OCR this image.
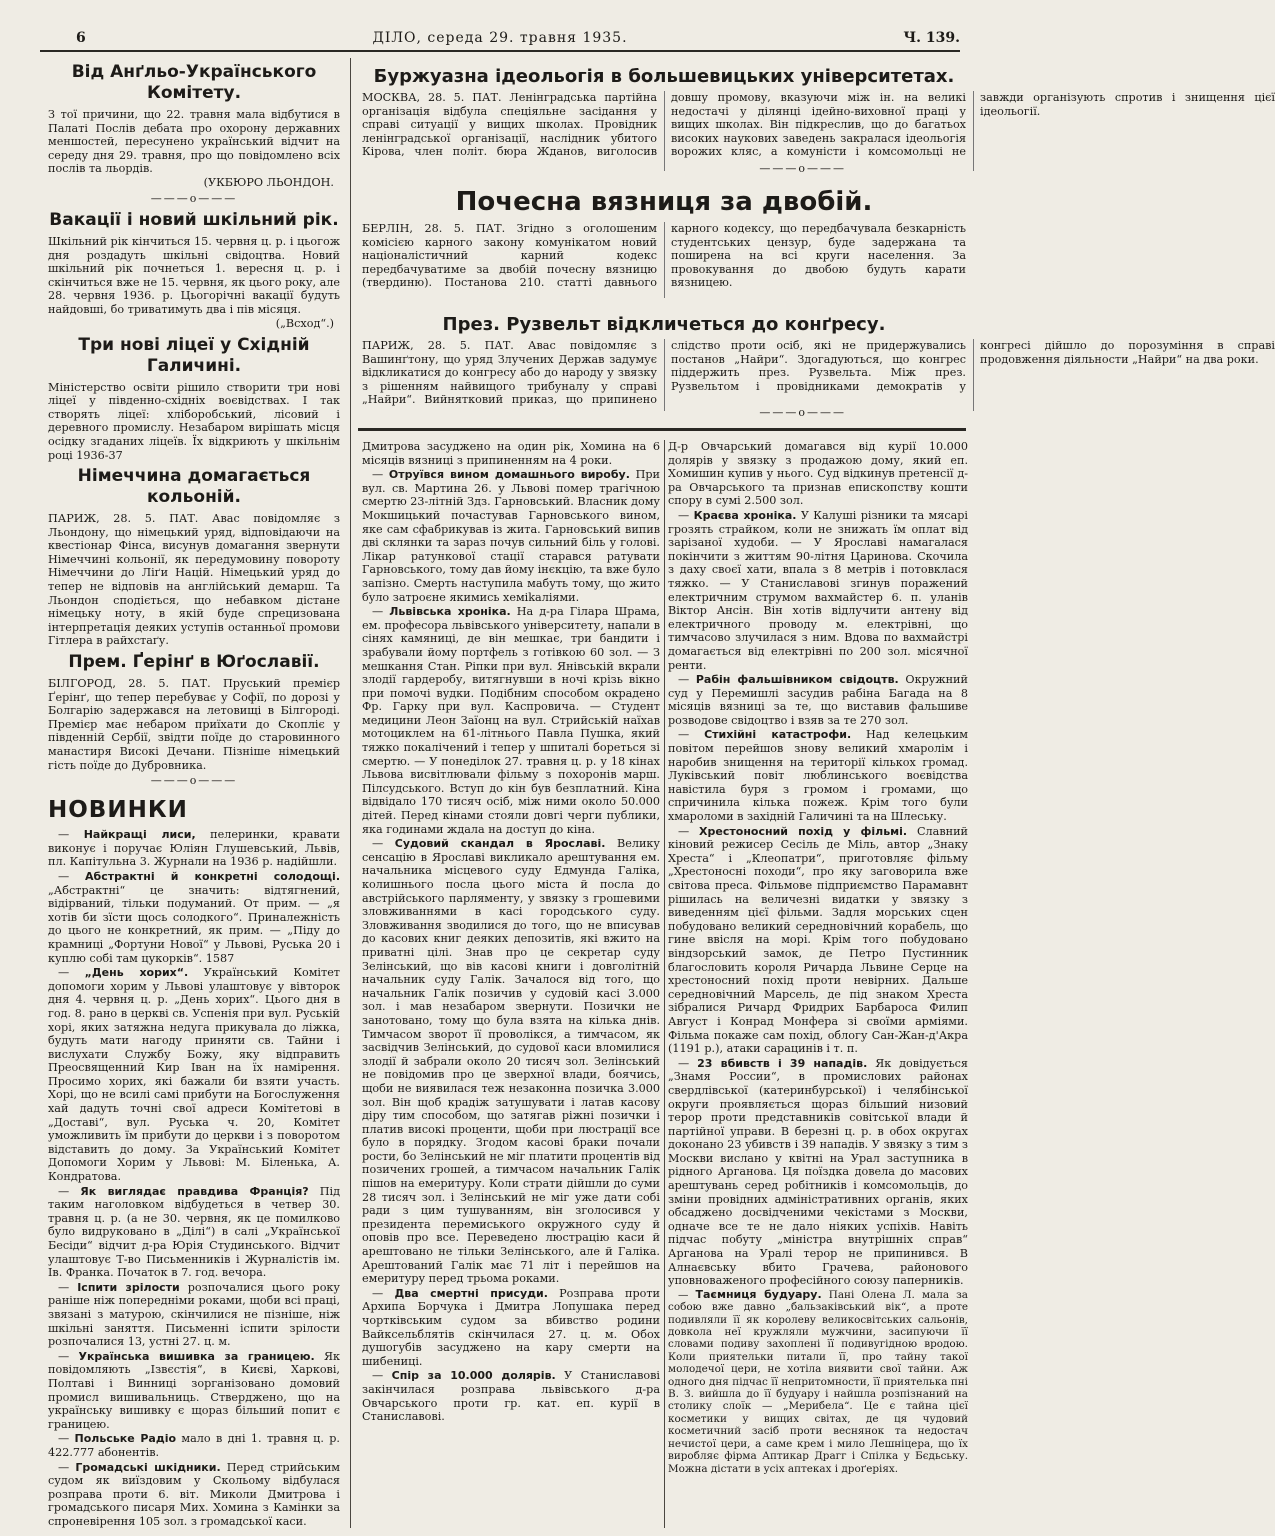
6	ДІЛО, середа 29. травня 1935.	Ч. 139.
Від Анґльо-Українського Комітету.

З тої причини, що 22. травня мала відбутися в Палаті Послів дебата про охорону державних меншостей, пересунено український відчит на середу дня 29. травня, про що повідомлено всіх послів та льордів.

(УКБЮРО ЛЬОНДОН.

———o———
Вакації і новий шкільний рік.

Шкільний рік кінчиться 15. червня ц. р. і цьогож дня роздадуть шкільні свідоцтва. Новий шкільний рік почнеться 1. вересня ц. р. і скінчиться вже не 15. червня, як цього року, але 28. червня 1936. р. Цьогорічні вакації будуть найдовші, бо триватимуть два і пів місяця.

(„Всход“.)

Три нові ліцеї у Східній Галичині.

Міністерство освіти рішило створити три нові ліцеї у південно-східніх воєвідствах. І так створять ліцеї: хліборобський, лісовий і деревного промислу. Незабаром вирішать місця осідку згаданих ліцеїв. Їх відкриють у шкільнім році 1936-37

Німеччина домагається кольоній.

ПАРИЖ, 28. 5. ПАТ. Авас повідомляє з Льондону, що німецький уряд, відповідаючи на квестіонар Фінса, висунув домагання звернути Німеччині кольонії, як передумовину повороту Німеччини до Ліґи Націй. Німецький уряд до тепер не відповів на англійський демарш. Та Льондон сподіється, що небавком дістане німецьку ноту, в якій буде спрецизована інтерпретація деяких уступів останньої промови Гітлера в райхстаґу.

Прем. Ґерінґ в Юґославії.

БІЛГОРОД, 28. 5. ПАТ. Пруський премієр Ґерінґ, що тепер перебуває у Софії, по дорозі у Болгарію задержався на летовищі в Білгороді. Премієр має небаром приїхати до Скопліє у південній Сербії, звідти поїде до старовинного манастиря Високі Дечани. Пізніше німецький гість поїде до Дубровника.

———o———
НОВИНКИ

— Найкращі лиси, пелеринки, кравати виконує і поручає Юліян Глушевський, Львів, пл. Капітульна 3. Журнали на 1936 р. надійшли.

— Абстрактні й конкретні солодощі. „Абстрактні“ це значить: відтягнений, відірваний, тільки подуманий. От прим. — „я хотів би зїсти щось солодкого“. Приналежність до цього не конкретний, як прим. — „Піду до крамниці „Фортуни Нової“ у Львові, Руська 20 і куплю собі там цукорків“. 1587

— „День хорих“. Український Комітет допомоги хорим у Львові улаштовує у вівторок дня 4. червня ц. р. „День хорих“. Цього дня в год. 8. рано в церкві св. Успенія при вул. Руській хорі, яких затяжна недуга прикувала до ліжка, будуть мати нагоду приняти св. Тайни і вислухати Службу Божу, яку відправить Преосвященний Кир Іван на їх намірення. Просимо хорих, які бажали би взяти участь. Хорі, що не всилі самі прибути на Богослуження хай дадуть точні свої адреси Комітетові в „Доставі“, вул. Руська ч. 20, Комітет уможливить їм прибути до церкви і з поворотом відставить до дому. За Український Комітет Допомоги Хорим у Львові: М. Біленька, А. Кондратова.

— Як виглядає правдива Франція? Під таким наголовком відбудеться в четвер 30. травня ц. р. (а не 30. червня, як це помилково було видруковано в „Ділі“) в салі „Української Бесіди“ відчит д-ра Юрія Студинського. Відчит улаштовує Т-во Письменників і Журналістів ім. Ів. Франка. Початок в 7. год. вечора.

— Іспити зрілости розпочалися цього року раніше ніж попередніми роками, щоби всі праці, звязані з матурою, скінчилися не пізніше, ніж шкільні заняття. Письменні іспити зрілости розпочалися 13, устні 27. ц. м.

— Українська вишивка за границею. Як повідомляють „Ізвєстія“, в Києві, Харкові, Полтаві і Винниці зорганізовано домовий промисл вишивальниць. Стверджено, що на українську вишивку є щораз більший попит є границею.

— Польське Радіо мало в дні 1. травня ц. р. 422.777 абонентів.

— Громадські шкідники. Перед стрийським судом як виїздовим у Скольому відбулася розправа проти 6. віт. Миколи Дмитрова і громадського писаря Мих. Хомина з Камінки за спроневірення 105 зол. з громадської каси.

Буржуазна ідеольогія в большевицьких університетах.

МОСКВА, 28. 5. ПАТ. Ленінградська партійна організація відбула спеціяльне засідання у справі ситуації у вищих школах. Провідник ленінградської організації, наслідник убитого Кірова, член політ. бюра Жданов, виголосив довшу промову, вказуючи між ін. на великі недостачі у ділянці ідейно-виховної праці у вищих школах. Він підкреслив, що до багатьох високих наукових заведень закралася ідеольогія ворожих кляс, а комуністи і комсомольці не завжди організують спротив і знищення цієї ідеольогії.

———o———
Почесна вязниця за двобій.

БЕРЛІН, 28. 5. ПАТ. Згідно з оголошеним комісією карного закону комунікатом новий націоналістичний карний кодекс передбачуватиме за двобій почесну вязницю (твердиню). Постанова 210. статті давнього карного кодексу, що передбачувала безкарність студентських цензур, буде задержана та поширена на всі круги населення. За провокування до двобою будуть карати вязницею.

През. Рузвельт відкличеться до конґресу.

ПАРИЖ, 28. 5. ПАТ. Авас повідомляє з Вашинґтону, що уряд Злучених Держав задумує відкликатися до конгресу або до народу у звязку з рішенням найвищого трибуналу у справі „Найри“. Вийнятковий приказ, що припинено слідство проти осіб, які не придержувались постанов „Найри“. Здогадуються, що конгрес піддержить през. Рузвельта. Між през. Рузвельтом і провідниками демократів у конгресі дійшло до порозуміння в справі продовження діяльности „Найри“ на два роки.

———o———

Дмитрова засуджено на один рік, Хомина на 6 місяців вязниці з припиненням на 4 роки.

— Отруївся вином домашнього виробу. При вул. св. Мартина 26. у Львові помер трагічною смертю 23-літній Здз. Гарновський. Власник дому Мокшицький почастував Гарновського вином, яке сам сфабрикував із жита. Гарновський випив дві склянки та зараз почув сильний біль у голові. Лікар ратункової стації старався ратувати Гарновського, тому дав йому інєкцію, та вже було запізно. Смерть наступила мабуть тому, що жито було затроєне якимись хеміkаліями.

— Львівська хроніка. На д-ра Гілара Шрама, ем. професора львівського університету, напали в сінях камяниці, де він мешкає, три бандити і зрабували йому портфель з готівкою 60 зол. — З мешкання Стан. Ріпки при вул. Янівській вкрали злодії гардеробу, витягнувши в ночі крізь вікно при помочі вудки. Подібним способом окрадено Фр. Гарку при вул. Каспровича. — Студент медицини Леон Заїонц на вул. Стрийській наїхав мотоциклем на 61-літнього Павла Пушка, який тяжко покалічений і тепер у шпиталі бореться зі смертю. — У понеділок 27. травня ц. р. у 18 кінах Львова висвітлювали фільму з похоронів марш. Пілсудського. Вступ до кін був безплатний. Кіна відвідало 170 тисяч осіб, між ними около 50.000 дітей. Перед кінами стояли довгі черги публики, яка годинами ждала на доступ до кіна.

— Судовий скандал в Ярославі. Велику сенсацію в Ярославі викликало арештування ем. начальника місцевого суду Едмунда Галіка, колишнього посла цього міста й посла до австрійського парляменту, у звязку з грошевими зловживаннями в касі городського суду. Зловживання зводилися до того, що не вписував до касових книг деяких депозитів, які вжито на приватні цілі. Знав про це секретар суду Зелінський, що вів касові книги і довголітній начальник суду Галік. Зачалося від того, що начальник Галік позичив у судовій касі 3.000 зол. і мав незабаром звернути. Позички не занотовано, тому що була взята на кілька днів. Тимчасом зворот її проволікся, а тимчасом, як засвідчив Зелінський, до судової каси вломилися злодії й забрали около 20 тисяч зол. Зелінський не повідомив про це зверхної влади, боячись, щоби не виявилася теж незаконна позичка 3.000 зол. Він щоб крадіж затушувати і латав касову діру тим способом, що затягав ріжні позички і платив високі проценти, щоби при люстрації все було в порядку. Згодом касові браки почали рости, бо Зелінський не міг платити процентів від позичених грошей, а тимчасом начальник Галік пішов на емеритуру. Коли страти дійшли до суми 28 тисяч зол. і Зелінський не міг уже дати собі ради з цим тушуванням, він зголосився у президента перемиського окружного суду й оповів про все. Переведено люстрацію каси й арештовано не тільки Зелінського, але й Галіка. Арештований Галік має 71 літ і перейшов на емеритуру перед трьома роками.

— Два смертні присуди. Розправа проти Архипа Борчука і Дмитра Лопушака перед чортківським судом за вбивство родини Вайксельблятів скінчилася 27. ц. м. Обох душогубів засуджено на кару смерти на шибениці.

— Спір за 10.000 долярів. У Станиславові закінчилася розправа львівського д-ра Овчарського проти гр. кат. еп. курії в Станиславові.

Д-р Овчарський домагався від курії 10.000 долярів у звязку з продажою дому, який еп. Хомишин купив у нього. Суд відкинув претенсії д-ра Овчарського та признав епископству кошти спору в сумі 2.500 зол.

— Краєва хроніка. У Калуші різники та мясарі грозять страйком, коли не знижать їм оплат від зарізаної худоби. — У Ярославі намагалася покінчити з життям 90-літня Царинова. Скочила з даху своєї хати, впала з 8 метрів і потовклася тяжко. — У Станиславові згинув поражений електричним струмом вахмайстер 6. п. уланів Віктор Ансін. Він хотів відлучити антену від електричного проводу м. електрівні, що тимчасово злучилася з ним. Вдова по вахмайстрі домагається від електрівні по 200 зол. місячної ренти.

— Рабін фальшівником свідоцтв. Окружний суд у Перемишлі засудив рабіна Багада на 8 місяців вязниці за те, що виставив фальшиве розводове свідоцтво і взяв за те 270 зол.

— Стихійні катастрофи. Над келецьким повітом перейшов знову великий хмаролім і наробив знищення на території кількох громад. Луківський повіт люблинського воєвідства навістила буря з громом і громами, що спричинила кілька пожеж. Крім того були хмароломи в західній Галичині та на Шлеську.

— Хрестоносний похід у фільмі. Славний кіновий режисер Сесіль де Міль, автор „Знаку Хреста“ і „Клеопатри“, приготовляє фільму „Хрестоносні походи“, про яку заговорила вже світова преса. Фільмове підприємство Парамавнт рішилась на величезні видатки у звязку з виведенням цієї фільми. Задля морських сцен побудовано великий середновічний корабель, що гине ввісля на морі. Крім того побудовано віндзорський замок, де Петро Пустинник благословить короля Ричарда Львине Серце на хрестоносний похід проти невірних. Дальше середновічний Марсель, де під знаком Хреста зібралися Ричард Фридрих Барбароса Филип Август і Конрад Монфера зі своїми арміями. Фільма покаже сам похід, облогу Сан-Жан-д'Акра (1191 р.), атаки сарацинів і т. п.

— 23 вбивств і 39 нападів. Як довідується „Знамя России“, в промислових районах свердлівської (катеринбурської) і челябінської округи проявляється щораз більший низовий терор проти представників совітської влади й партійної управи. В березні ц. р. в обох округах доконано 23 убивств і 39 нападів. У звязку з тим з Москви вислано у квітні на Урал заступника в рідного Арганова. Ця поїздка довела до масових арештувань серед робітників і комсомольців, до зміни провідних адміністративних органів, яких обсаджено досвідченими чекістами з Москви, одначе все те не дало ніяких успіхів. Навіть підчас побуту „міністра внутрішніх справ“ Арганова на Уралі терор не припинився. В Алнаєвську вбито Грачева, районового уповноваженого професійного союзу паперників.

— Таємниця будуару. Пані Олена Л. мала за собою вже давно „бальзаківський вік“, а проте подивляли її як королеву великосвітських сальонів, довкола неї кружляли мужчини, засипуючи її словами подиву захоплені її подивугідною вродою. Коли приятельки питали її, про тайну такої молодечої цери, не хотіла виявити свої тайни. Аж одного дня підчас її непритомности, її приятелька пні В. З. вийшла до її будуару і найшла розпізнаний на столику слоїк — „Мерибела“. Це є тайна цієї косметики у вищих світах, де ця чудовий косметичний засіб проти веснянок та недостач нечистої цери, а саме крем і мило Лешніцера, що їх виробляє фірма Аптикар Драгг і Спілка у Бєдьську. Можна дістати в усіх аптеках і дроґеріях.
